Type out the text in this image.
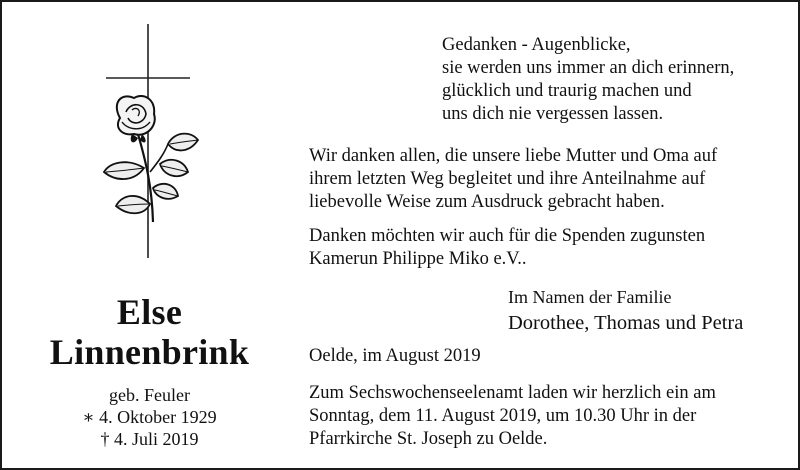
Else
Linnenbrink
geb. Feuler
∗ 4. Oktober 1929
† 4. Juli 2019
Gedanken - Augenblicke,
sie werden uns immer an dich erinnern,
glücklich und traurig machen und
uns dich nie vergessen lassen.
Wir danken allen, die unsere liebe Mutter und Oma auf
ihrem letzten Weg begleitet und ihre Anteilnahme auf
liebevolle Weise zum Ausdruck gebracht haben.
Danken möchten wir auch für die Spenden zugunsten
Kamerun Philippe Miko e.V..
Im Namen der Familie
Dorothee, Thomas und Petra
Oelde, im August 2019
Zum Sechswochenseelenamt laden wir herzlich ein am
Sonntag, dem 11. August 2019, um 10.30 Uhr in der
Pfarrkirche St. Joseph zu Oelde.
